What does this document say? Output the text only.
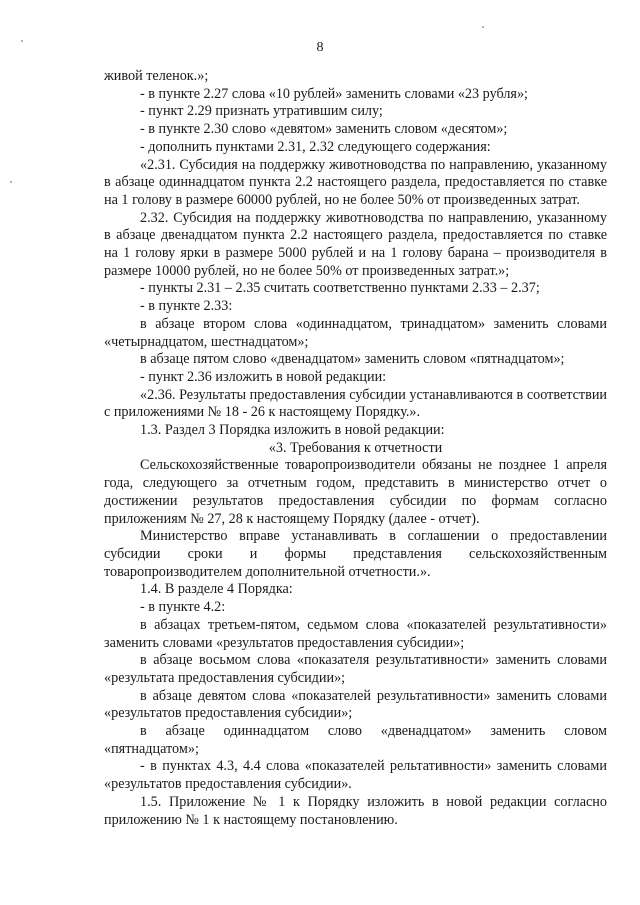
8

живой теленок.»;

- в пункте 2.27 слова «10 рублей» заменить словами «23 рубля»;

- пункт 2.29 признать утратившим силу;

- в пункте 2.30 слово «девятом» заменить словом «десятом»;

- дополнить пунктами 2.31, 2.32 следующего содержания:

«2.31. Субсидия на поддержку животноводства по направлению, указанному в абзаце одиннадцатом пункта 2.2 настоящего раздела, предоставляется по ставке на 1 голову в размере 60000 рублей, но не более 50% от произведенных затрат.

2.32. Субсидия на поддержку животноводства по направлению, указанному в абзаце двенадцатом пункта 2.2 настоящего раздела, предоставляется по ставке на 1 голову ярки в размере 5000 рублей и на 1 голову барана – производителя в размере 10000 рублей, но не более 50% от произведенных затрат.»;

- пункты 2.31 – 2.35 считать соответственно пунктами 2.33 – 2.37;

- в пункте 2.33:

в абзаце втором слова «одиннадцатом, тринадцатом» заменить словами «четырнадцатом, шестнадцатом»;

в абзаце пятом слово «двенадцатом» заменить словом «пятнадцатом»;

- пункт 2.36 изложить в новой редакции:

«2.36. Результаты предоставления субсидии устанавливаются в соответствии с приложениями № 18 - 26 к настоящему Порядку.».

1.3. Раздел 3 Порядка изложить в новой редакции:

«3. Требования к отчетности

Сельскохозяйственные товаропроизводители обязаны не позднее 1 апреля года, следующего за отчетным годом, представить в министерство отчет о достижении результатов предоставления субсидии по формам согласно приложениям № 27, 28 к настоящему Порядку (далее - отчет).

Министерство вправе устанавливать в соглашении о предоставлении субсидии сроки и формы представления сельскохозяйственным товаропроизводителем дополнительной отчетности.».

1.4. В разделе 4 Порядка:

- в пункте 4.2:

в абзацах третьем-пятом, седьмом слова «показателей результативности» заменить словами «результатов предоставления субсидии»;

в абзаце восьмом слова «показателя результативности» заменить словами «результата предоставления субсидии»;

в абзаце девятом слова «показателей результативности» заменить словами «результатов предоставления субсидии»;

в абзаце одиннадцатом слово «двенадцатом» заменить словом «пятнадцатом»;

- в пунктах 4.3, 4.4 слова «показателей рельтативности» заменить словами «результатов предоставления субсидии».

1.5. Приложение № 1 к Порядку изложить в новой редакции согласно приложению № 1 к настоящему постановлению.
